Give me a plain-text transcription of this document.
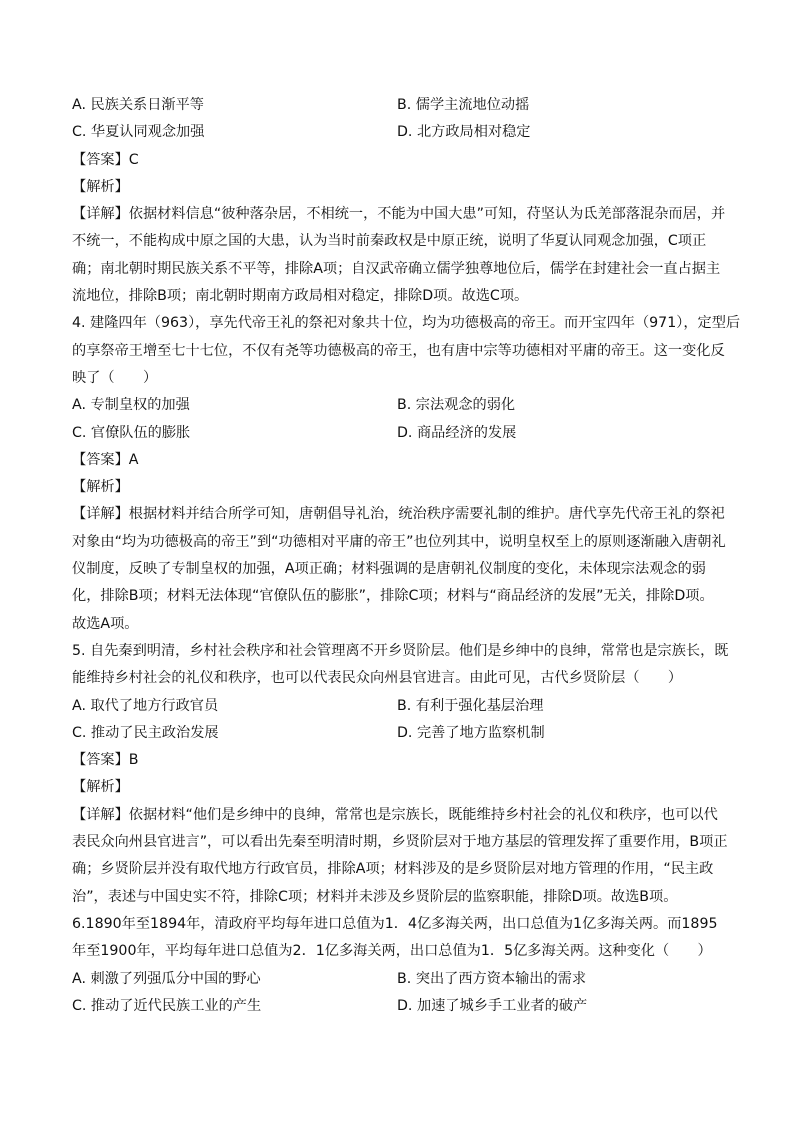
A. 民族关系日渐平等	B. 儒学主流地位动摇
C. 华夏认同观念加强	D. 北方政局相对稳定
【答案】C
【解析】
【详解】依据材料信息“彼种落杂居，不相统一，不能为中国大患”可知，苻坚认为氐羌部落混杂而居，并
不统一，不能构成中原之国的大患，认为当时前秦政权是中原正统，说明了华夏认同观念加强，C项正
确；南北朝时期民族关系不平等，排除A项；自汉武帝确立儒学独尊地位后，儒学在封建社会一直占据主
流地位，排除B项；南北朝时期南方政局相对稳定，排除D项。故选C项。
4. 建隆四年（963），享先代帝王礼的祭祀对象共十位，均为功德极高的帝王。而开宝四年（971），定型后
的享祭帝王增至七十七位，不仅有尧等功德极高的帝王，也有唐中宗等功德相对平庸的帝王。这一变化反
映了（　　）
A. 专制皇权的加强	B. 宗法观念的弱化
C. 官僚队伍的膨胀	D. 商品经济的发展
【答案】A
【解析】
【详解】根据材料并结合所学可知，唐朝倡导礼治，统治秩序需要礼制的维护。唐代享先代帝王礼的祭祀
对象由“均为功德极高的帝王”到“功德相对平庸的帝王”也位列其中，说明皇权至上的原则逐渐融入唐朝礼
仪制度，反映了专制皇权的加强，A项正确；材料强调的是唐朝礼仪制度的变化，未体现宗法观念的弱
化，排除B项；材料无法体现“官僚队伍的膨胀”，排除C项；材料与“商品经济的发展”无关，排除D项。
故选A项。
5. 自先秦到明清，乡村社会秩序和社会管理离不开乡贤阶层。他们是乡绅中的良绅，常常也是宗族长，既
能维持乡村社会的礼仪和秩序，也可以代表民众向州县官进言。由此可见，古代乡贤阶层（　　）
A. 取代了地方行政官员	B. 有利于强化基层治理
C. 推动了民主政治发展	D. 完善了地方监察机制
【答案】B
【解析】
【详解】依据材料“他们是乡绅中的良绅，常常也是宗族长，既能维持乡村社会的礼仪和秩序，也可以代
表民众向州县官进言”，可以看出先秦至明清时期，乡贤阶层对于地方基层的管理发挥了重要作用，B项正
确；乡贤阶层并没有取代地方行政官员，排除A项；材料涉及的是乡贤阶层对地方管理的作用，“民主政
治”，表述与中国史实不符，排除C项；材料并未涉及乡贤阶层的监察职能，排除D项。故选B项。
6.1890年至1894年，清政府平均每年进口总值为1．4亿多海关两，出口总值为1亿多海关两。而1895
年至1900年，平均每年进口总值为2．1亿多海关两，出口总值为1．5亿多海关两。这种变化（　　）
A. 刺激了列强瓜分中国的野心	B. 突出了西方资本输出的需求
C. 推动了近代民族工业的产生	D. 加速了城乡手工业者的破产
